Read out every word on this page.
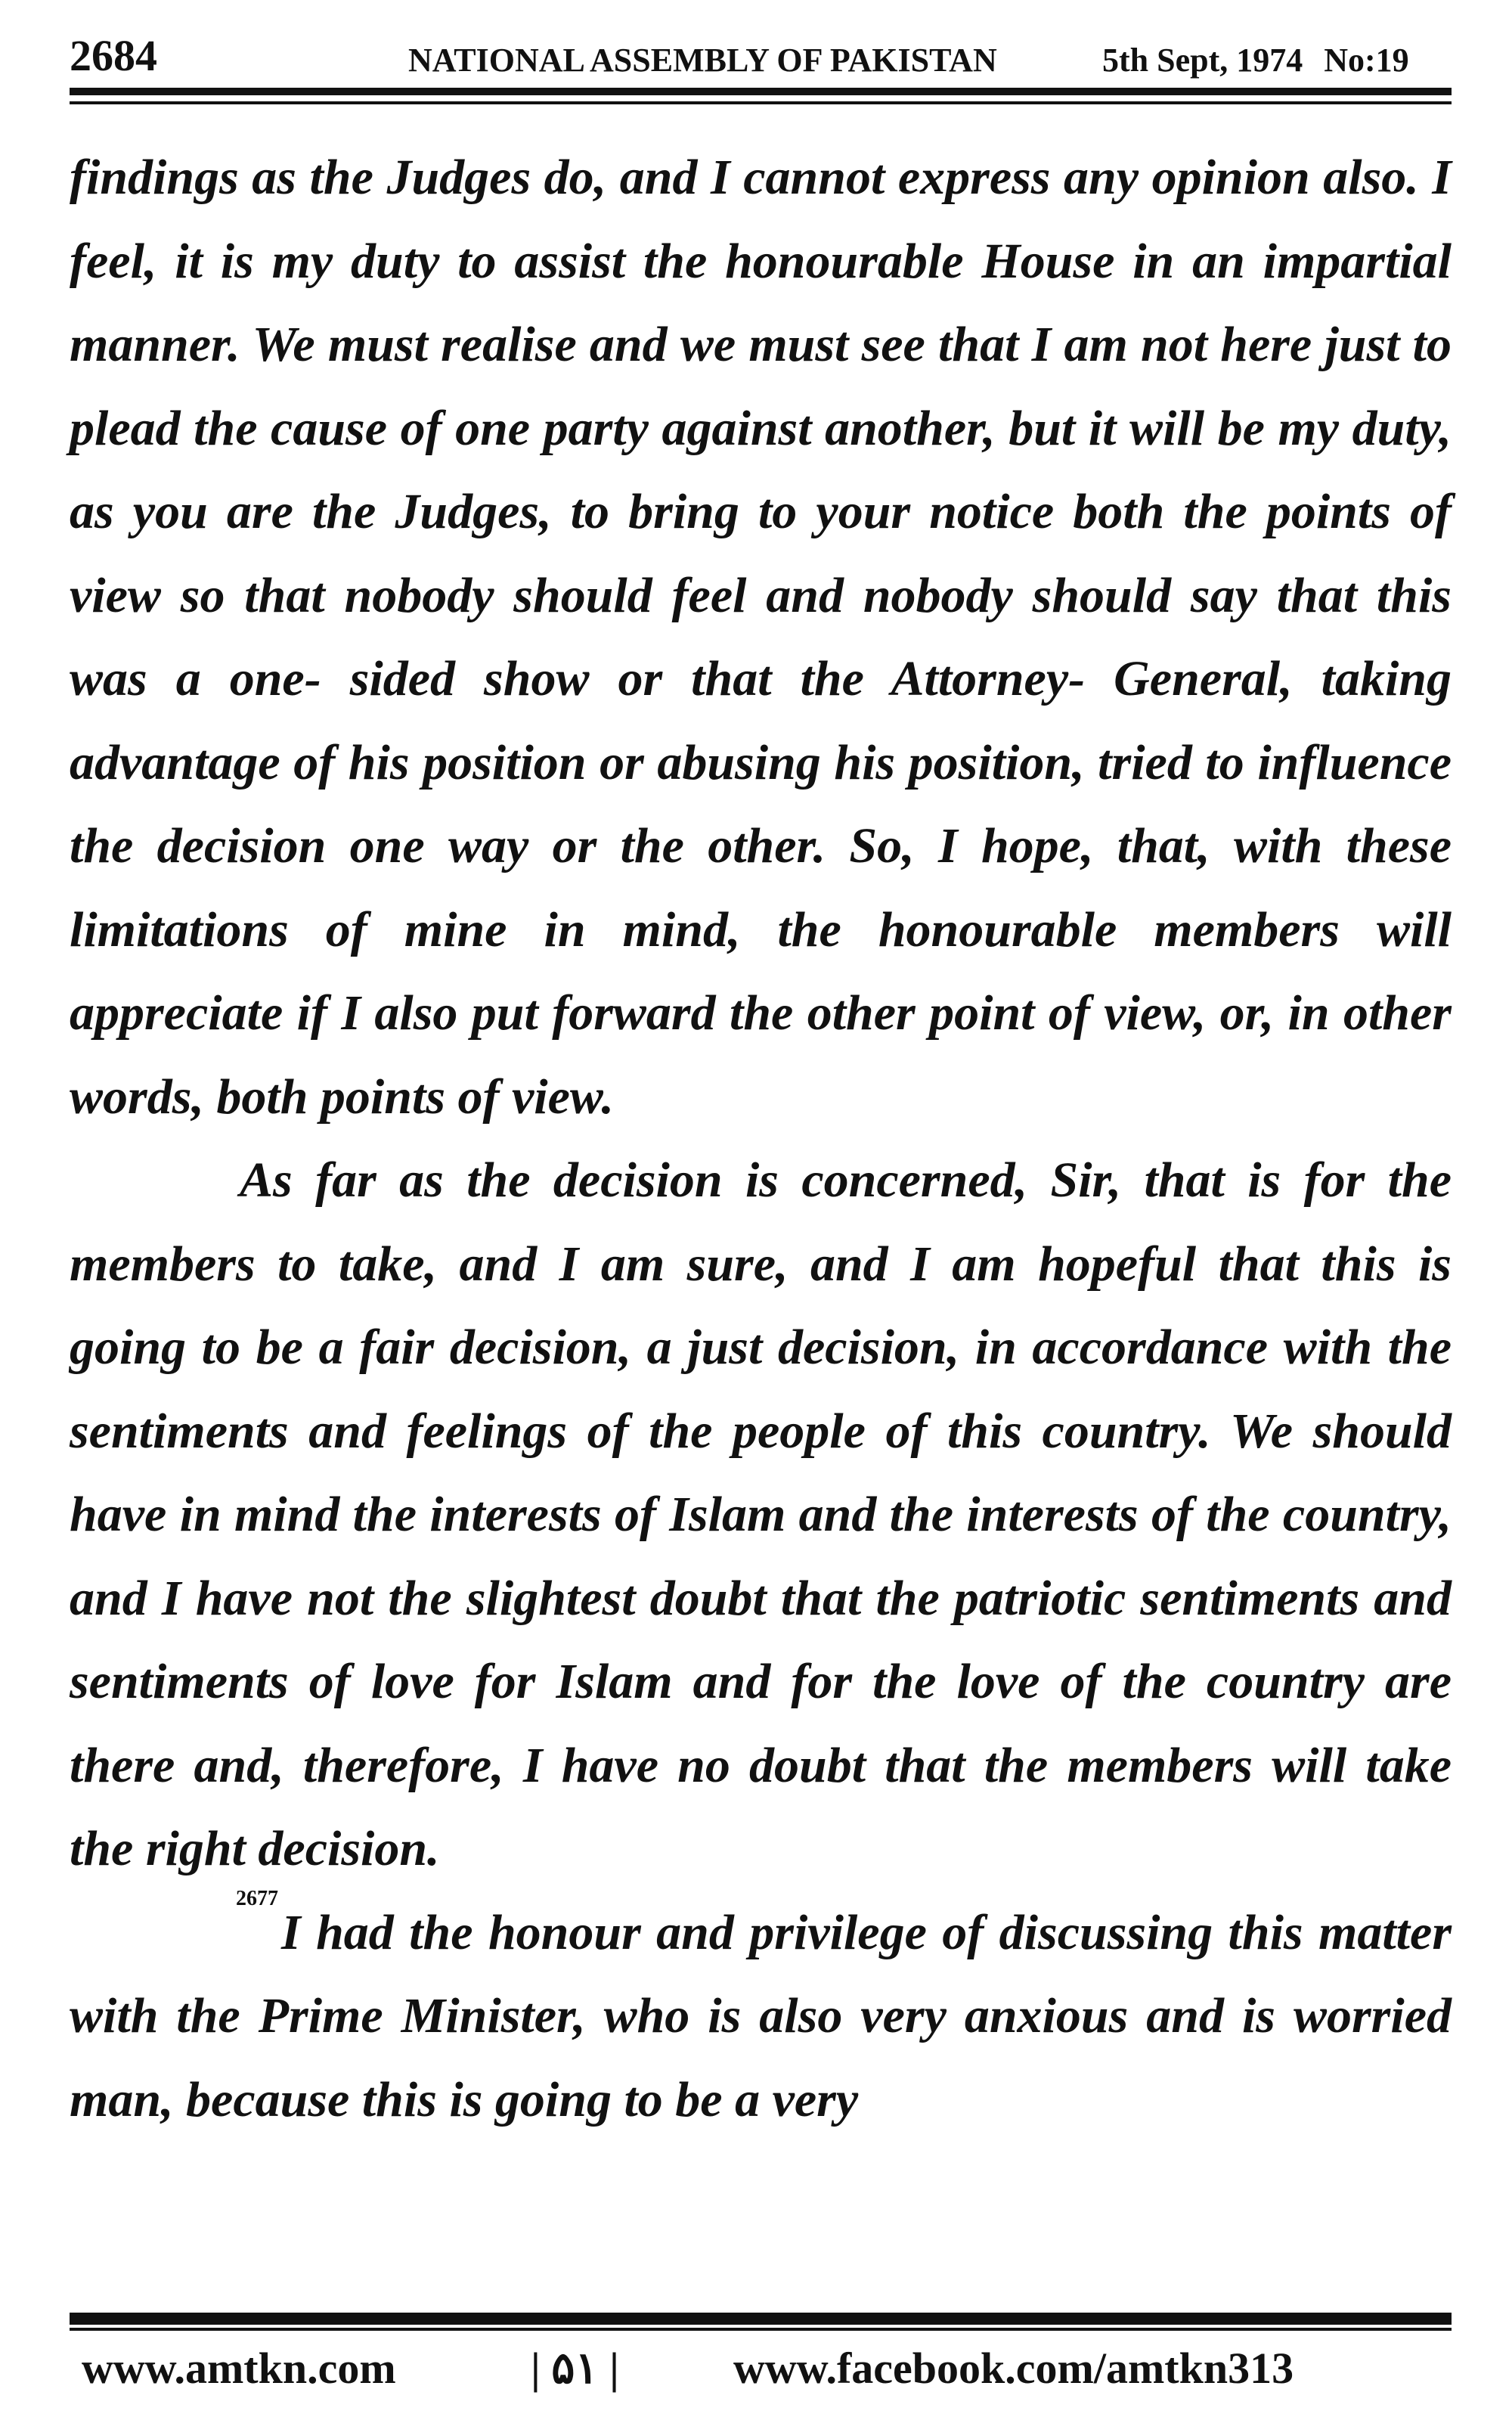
2684	NATIONAL ASSEMBLY OF PAKISTAN	5th Sept, 1974 No:19

findings as the Judges do, and I cannot express any opinion also. I feel, it is my duty to assist the honourable House in an impartial manner. We must realise and we must see that I am not here just to plead the cause of one party against another, but it will be my duty, as you are the Judges, to bring to your notice both the points of view so that nobody should feel and nobody should say that this was a one- sided show or that the Attorney- General, taking advantage of his position or abusing his position, tried to influence the decision one way or the other. So, I hope, that, with these limitations of mine in mind, the honourable members will appreciate if I also put forward the other point of view, or, in other words, both points of view.

As far as the decision is concerned, Sir, that is for the members to take, and I am sure, and I am hopeful that this is going to be a fair decision, a just decision, in accordance with the sentiments and feelings of the people of this country. We should have in mind the interests of Islam and the interests of the country, and I have not the slightest doubt that the patriotic sentiments and sentiments of love for Islam and for the love of the country are there and, therefore, I have no doubt that the members will take the right decision.

$^{2677}$I had the honour and privilege of discussing this matter with the Prime Minister, who is also very anxious and is worried man, because this is going to be a very

www.amtkn.com	| ۵۱ |	www.facebook.com/amtkn313
